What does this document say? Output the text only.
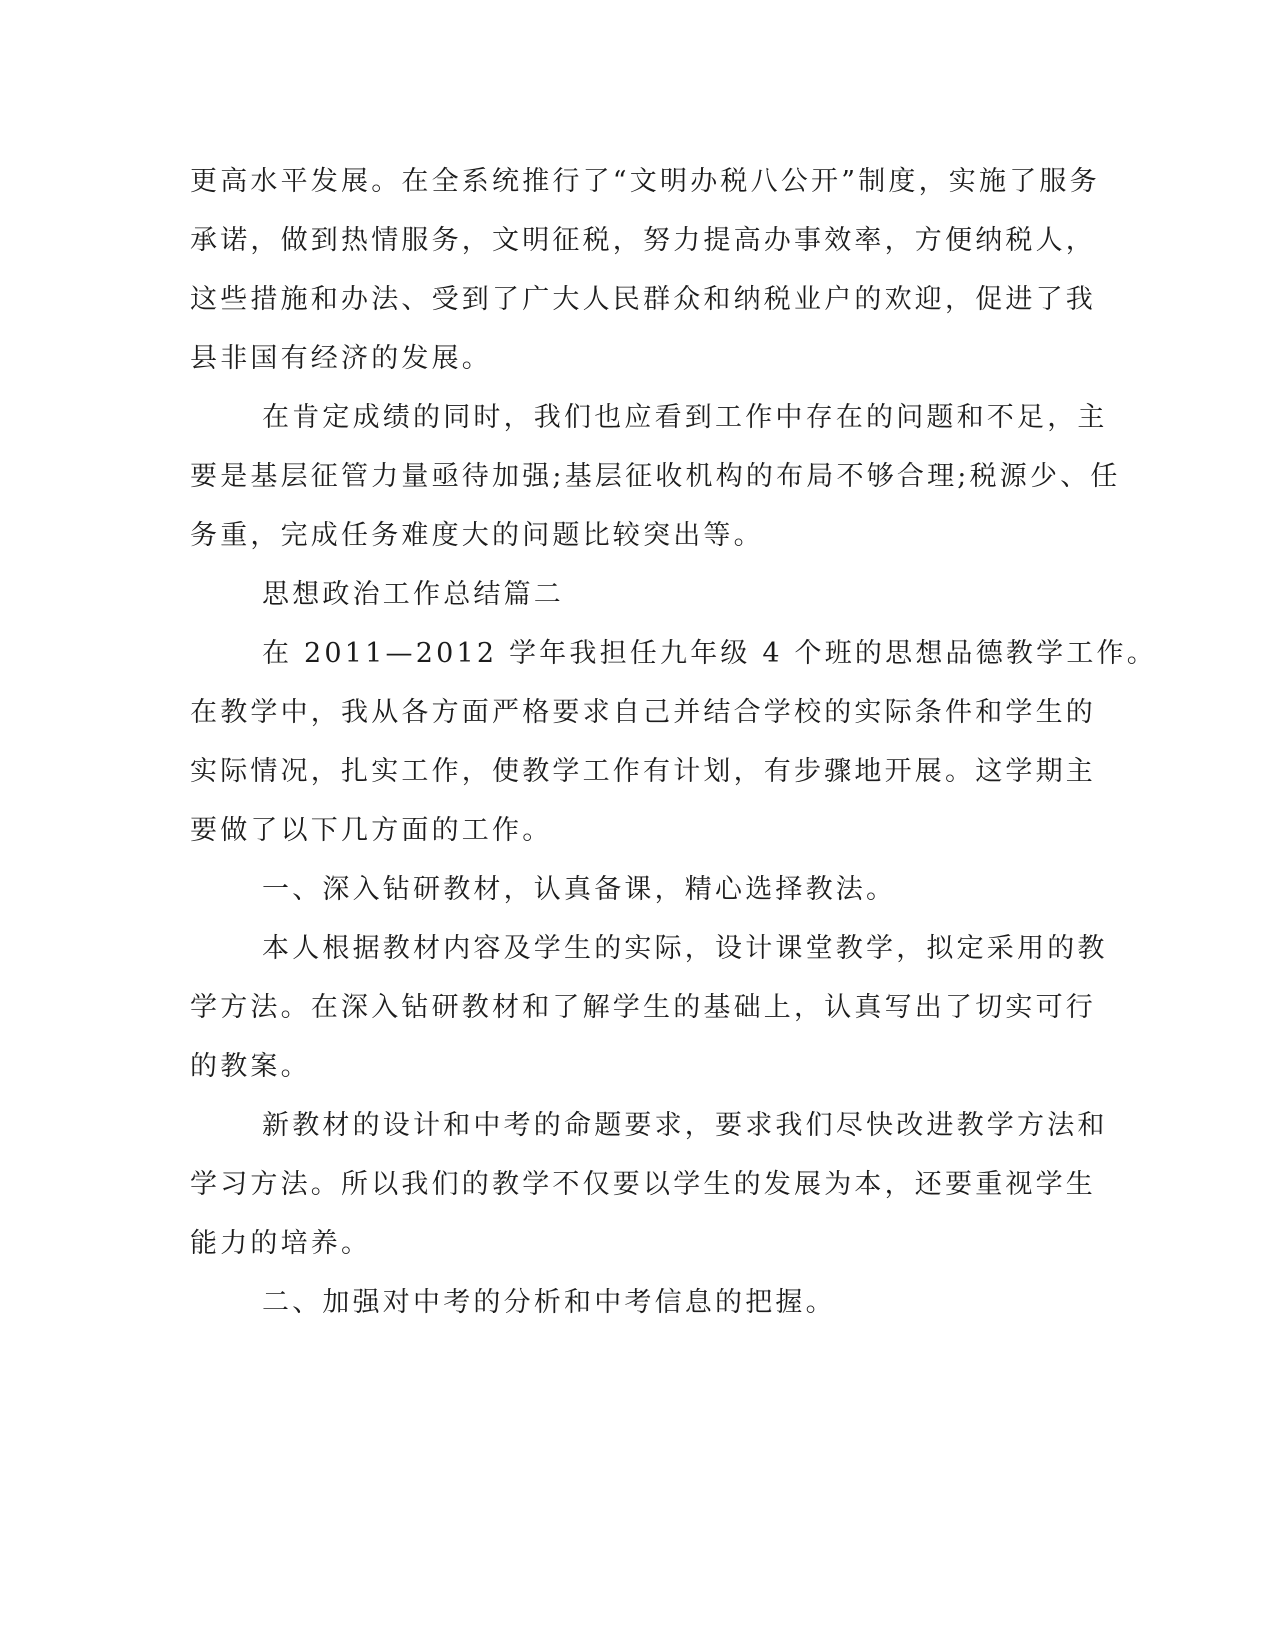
更高水平发展。在全系统推行了“文明办税八公开”制度，实施了服务

承诺，做到热情服务，文明征税，努力提高办事效率，方便纳税人，

这些措施和办法、受到了广大人民群众和纳税业户的欢迎，促进了我

县非国有经济的发展。

在肯定成绩的同时，我们也应看到工作中存在的问题和不足，主

要是基层征管力量亟待加强;基层征收机构的布局不够合理;税源少、任

务重，完成任务难度大的问题比较突出等。

思想政治工作总结篇二

在 2011—2012 学年我担任九年级 4 个班的思想品德教学工作。

在教学中，我从各方面严格要求自己并结合学校的实际条件和学生的

实际情况，扎实工作，使教学工作有计划，有步骤地开展。这学期主

要做了以下几方面的工作。

一、深入钻研教材，认真备课，精心选择教法。

本人根据教材内容及学生的实际，设计课堂教学，拟定采用的教

学方法。在深入钻研教材和了解学生的基础上，认真写出了切实可行

的教案。

新教材的设计和中考的命题要求，要求我们尽快改进教学方法和

学习方法。所以我们的教学不仅要以学生的发展为本，还要重视学生

能力的培养。

二、加强对中考的分析和中考信息的把握。
